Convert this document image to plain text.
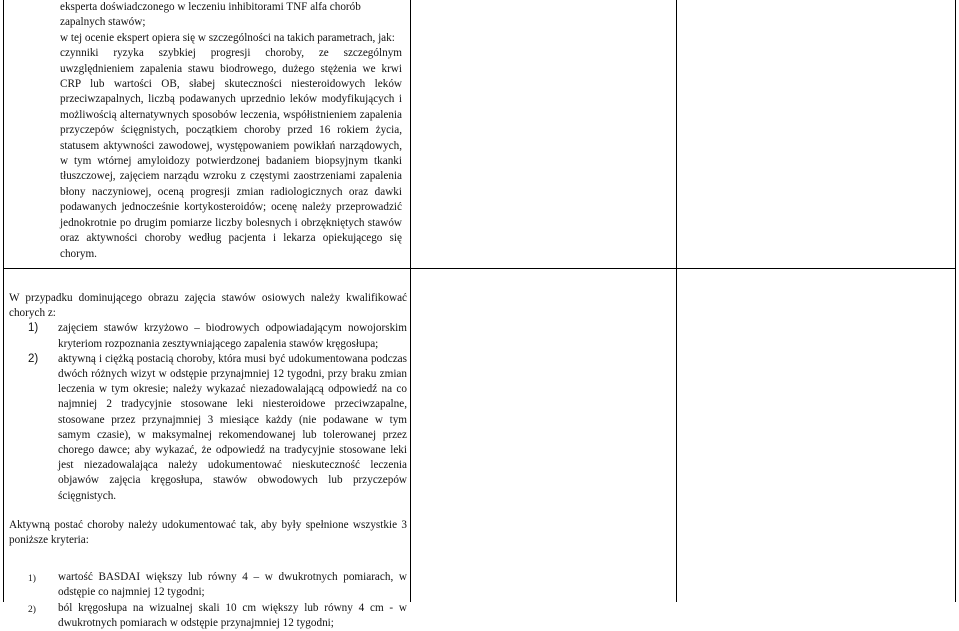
eksperta doświadczonego w leczeniu inhibitorami TNF alfa chorób zapalnych stawów;

w tej ocenie ekspert opiera się w szczególności na takich parametrach, jak:

czynniki ryzyka szybkiej progresji choroby, ze szczególnym uwzględnieniem zapalenia stawu biodrowego, dużego stężenia we krwi CRP lub wartości OB, słabej skuteczności niesteroidowych leków przeciwzapalnych, liczbą podawanych uprzednio leków modyfikujących i możliwością alternatywnych sposobów leczenia, współistnieniem zapalenia przyczepów ścięgnistych, początkiem choroby przed 16 rokiem życia, statusem aktywności zawodowej, występowaniem powikłań narządowych, w tym wtórnej amyloidozy potwierdzonej badaniem biopsyjnym tkanki tłuszczowej, zajęciem narządu wzroku z częstymi zaostrzeniami zapalenia błony naczyniowej, oceną progresji zmian radiologicznych oraz dawki podawanych jednocześnie kortykosteroidów; ocenę należy przeprowadzić jednokrotnie po drugim pomiarze liczby bolesnych i obrzękniętych stawów oraz aktywności choroby według pacjenta i lekarza opiekującego się chorym.

W przypadku dominującego obrazu zajęcia stawów osiowych należy kwalifikować chorych z:

1) zajęciem stawów krzyżowo – biodrowych odpowiadającym nowojorskim kryteriom rozpoznania zesztywniającego zapalenia stawów kręgosłupa;

2) aktywną i ciężką postacią choroby, która musi być udokumentowana podczas dwóch różnych wizyt w odstępie przynajmniej 12 tygodni, przy braku zmian leczenia w tym okresie; należy wykazać niezadowalającą odpowiedź na co najmniej 2 tradycyjnie stosowane leki niesteroidowe przeciwzapalne, stosowane przez przynajmniej 3 miesiące każdy (nie podawane w tym samym czasie), w maksymalnej rekomendowanej lub tolerowanej przez chorego dawce; aby wykazać, że odpowiedź na tradycyjnie stosowane leki jest niezadowalająca należy udokumentować nieskuteczność leczenia objawów zajęcia kręgosłupa, stawów obwodowych lub przyczepów ścięgnistych.

Aktywną postać choroby należy udokumentować tak, aby były spełnione wszystkie 3 poniższe kryteria:

1) wartość BASDAI większy lub równy 4 – w dwukrotnych pomiarach, w odstępie co najmniej 12 tygodni;

2) ból kręgosłupa na wizualnej skali 10 cm większy lub równy 4 cm - w dwukrotnych pomiarach w odstępie przynajmniej 12 tygodni;
